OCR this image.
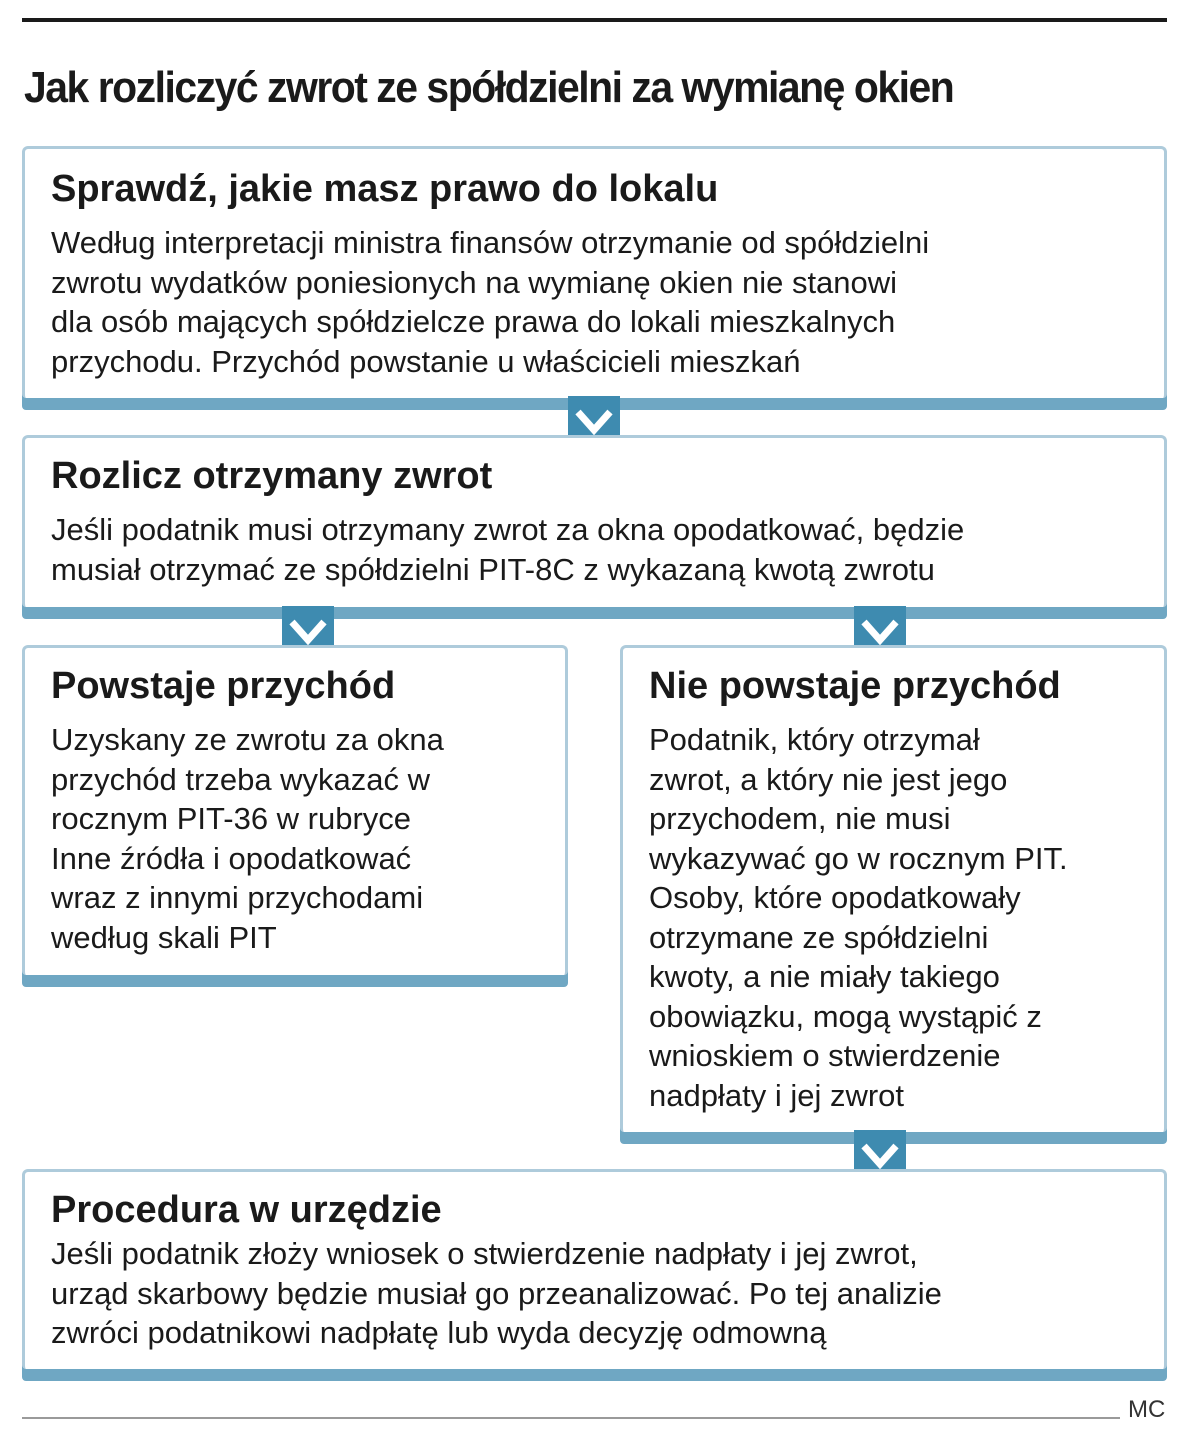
Jak rozliczyć zwrot ze spółdzielni za wymianę okien
Sprawdź, jakie masz prawo do lokalu
Według interpretacji ministra finansów otrzymanie od spółdzielni
zwrotu wydatków poniesionych na wymianę okien nie stanowi
dla osób mających spółdzielcze prawa do lokali mieszkalnych
przychodu. Przychód powstanie u właścicieli mieszkań
Rozlicz otrzymany zwrot
Jeśli podatnik musi otrzymany zwrot za okna opodatkować, będzie
musiał otrzymać ze spółdzielni PIT-8C z wykazaną kwotą zwrotu
Powstaje przychód
Uzyskany ze zwrotu za okna
przychód trzeba wykazać w
rocznym PIT-36 w rubryce
Inne źródła i opodatkować
wraz z innymi przychodami
według skali PIT
Nie powstaje przychód
Podatnik, który otrzymał
zwrot, a który nie jest jego
przychodem, nie musi
wykazywać go w rocznym PIT.
Osoby, które opodatkowały
otrzymane ze spółdzielni
kwoty, a nie miały takiego
obowiązku, mogą wystąpić z
wnioskiem o stwierdzenie
nadpłaty i jej zwrot
Procedura w urzędzie
Jeśli podatnik złoży wniosek o stwierdzenie nadpłaty i jej zwrot,
urząd skarbowy będzie musiał go przeanalizować. Po tej analizie
zwróci podatnikowi nadpłatę lub wyda decyzję odmowną
MC
